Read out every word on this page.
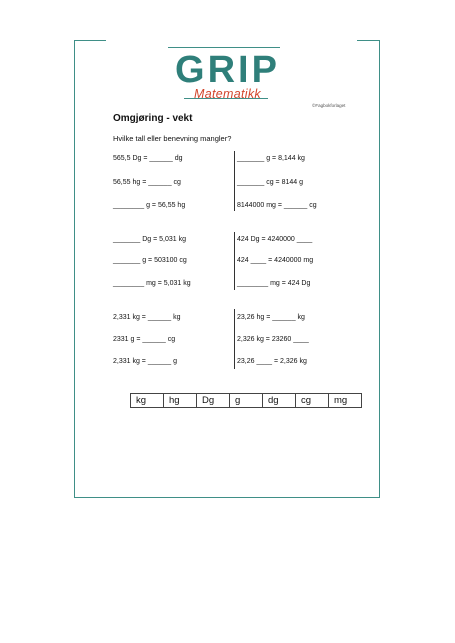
GRIP
Matematikk
©Fagbokforlaget
Omgjøring - vekt
Hvilke tall eller benevning mangler?
565,5 Dg = ______ dg
56,55 hg = ______ cg
________ g = 56,55 hg
_______ g = 8,144 kg
_______ cg = 8144 g
8144000 mg = ______ cg
_______ Dg = 5,031 kg
_______ g = 503100 cg
________ mg = 5,031 kg
424 Dg = 4240000 ____
424 ____ = 4240000 mg
________ mg = 424 Dg
2,331 kg = ______ kg
2331 g = ______ cg
2,331 kg = ______ g
23,26 hg = ______ kg
2,326 kg = 23260 ____
23,26 ____ = 2,326 kg
kg	hg	Dg	g	dg	cg	mg
